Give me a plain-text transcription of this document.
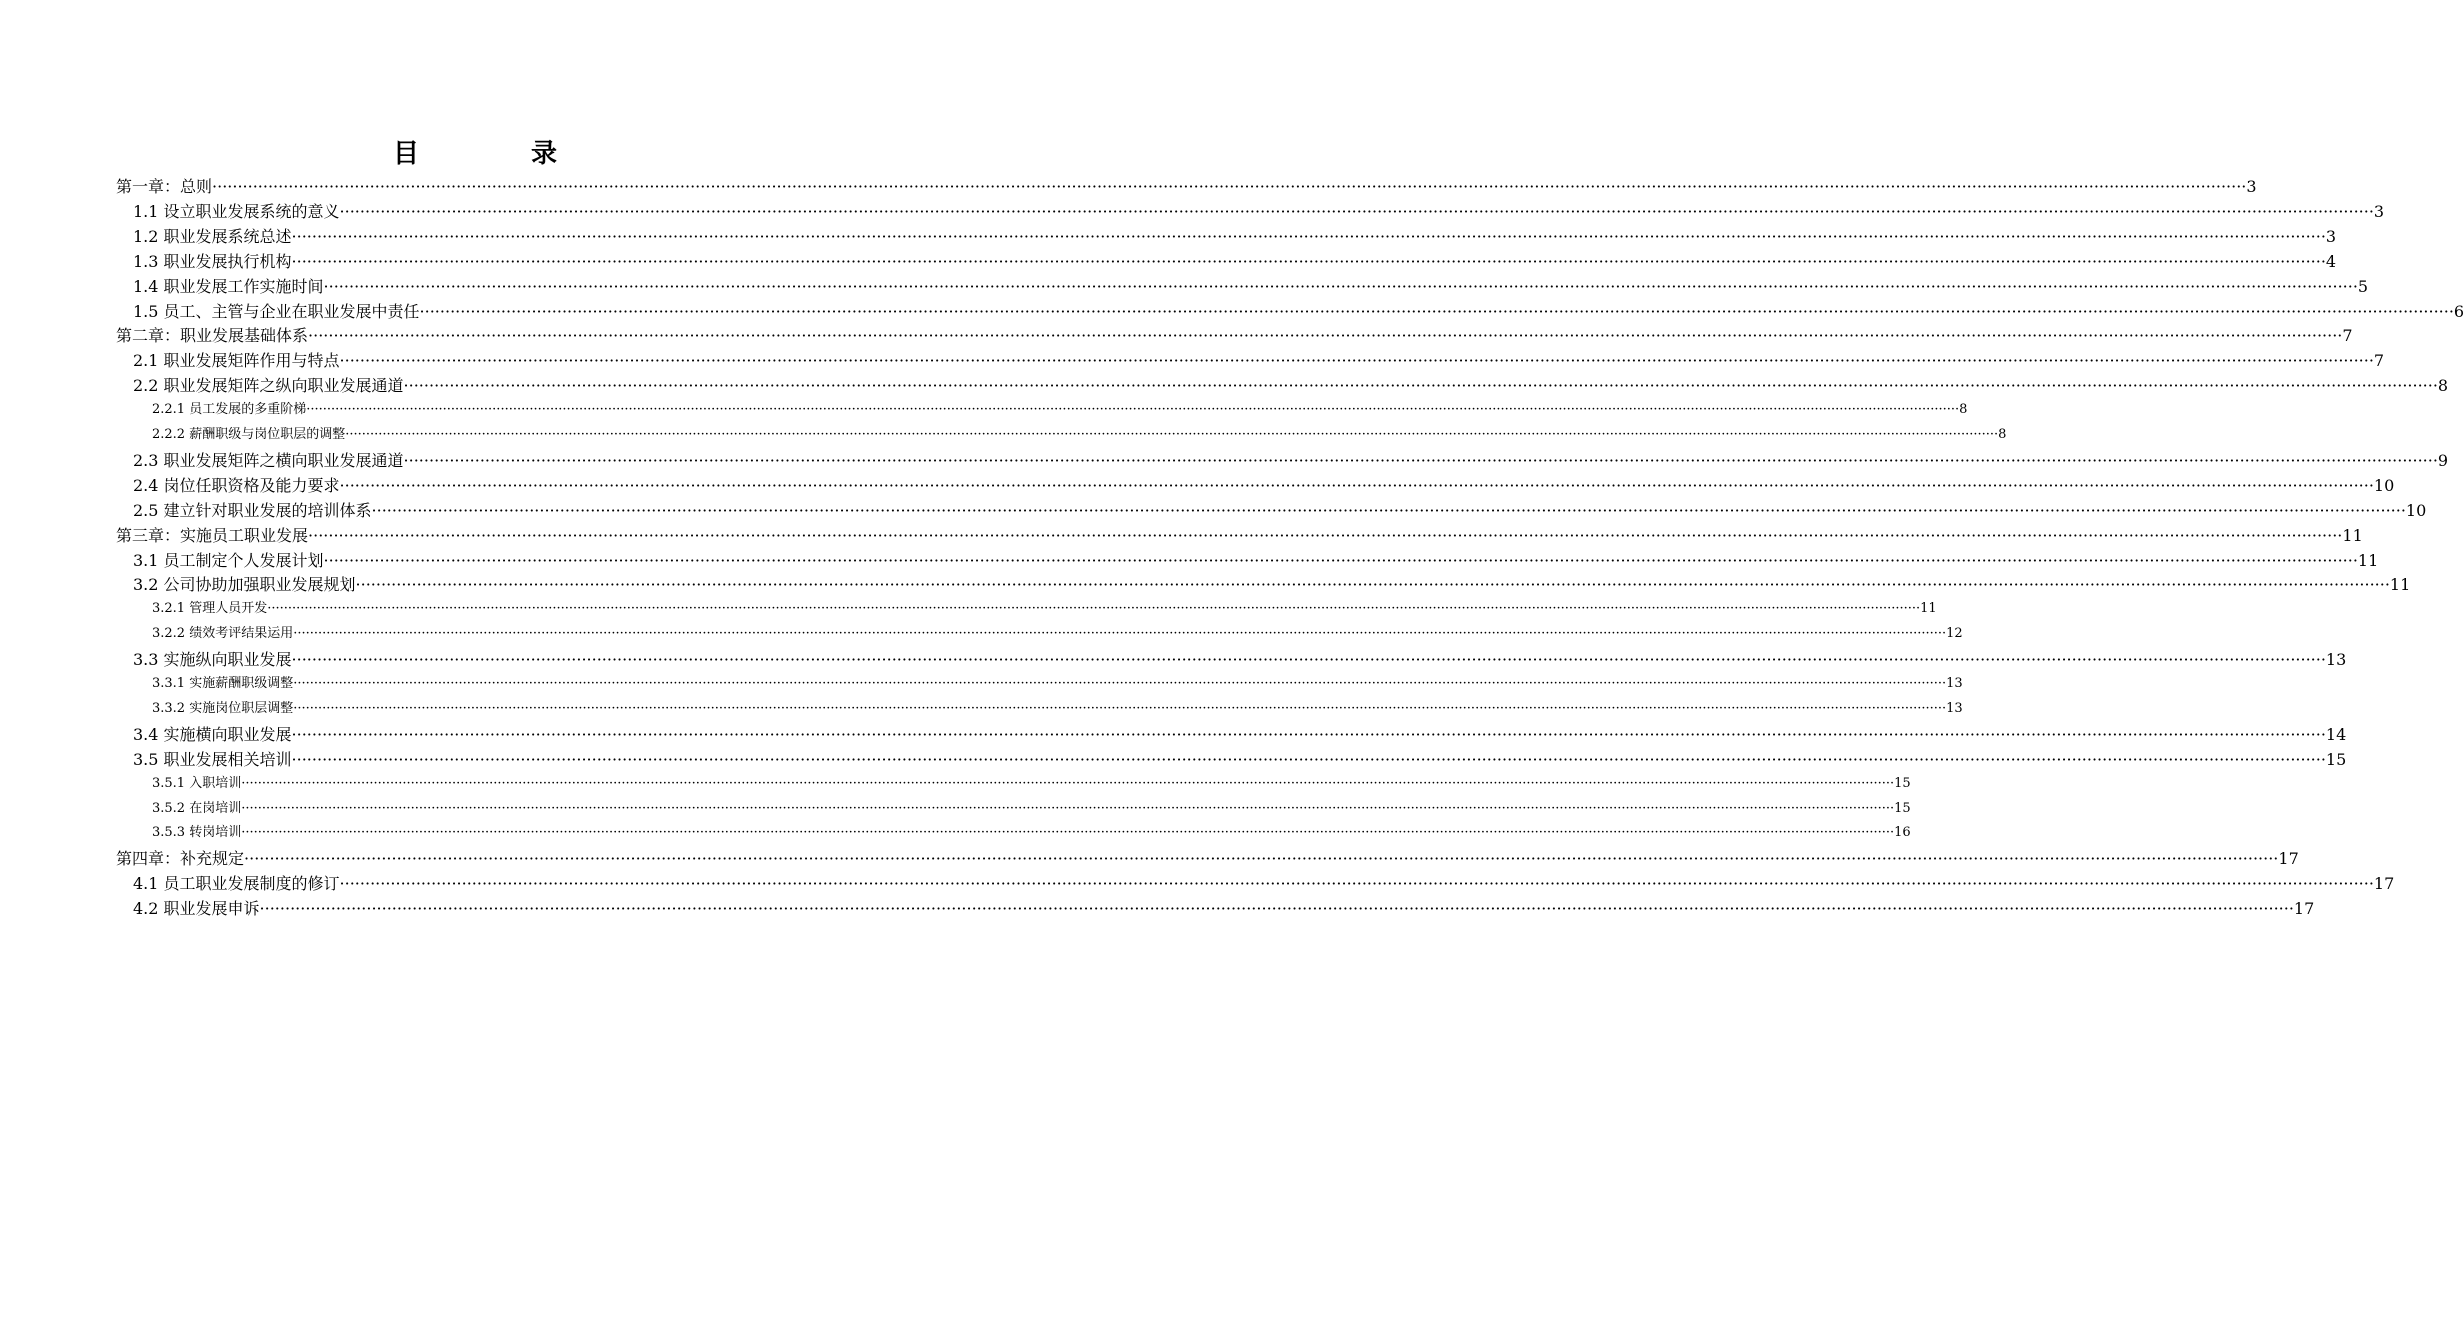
目	录
第一章：总则 ················································································································································································································································································································································································································ 3
1.1 设立职业发展系统的意义 ················································································································································································································································································································································································································ 3
1.2 职业发展系统总述 ················································································································································································································································································································································································································ 3
1.3 职业发展执行机构 ················································································································································································································································································································································································································ 4
1.4 职业发展工作实施时间 ················································································································································································································································································································································································································ 5
1.5 员工、主管与企业在职业发展中责任 ················································································································································································································································································································································································································ 6
第二章：职业发展基础体系 ················································································································································································································································································································································································································ 7
2.1 职业发展矩阵作用与特点 ················································································································································································································································································································································································································ 7
2.2 职业发展矩阵之纵向职业发展通道 ················································································································································································································································································································································································································ 8
2.2.1 员工发展的多重阶梯 ················································································································································································································································································································································································································ 8
2.2.2 薪酬职级与岗位职层的调整 ················································································································································································································································································································································································································ 8
2.3 职业发展矩阵之横向职业发展通道 ················································································································································································································································································································································································································ 9
2.4 岗位任职资格及能力要求 ················································································································································································································································································································································································································ 10
2.5 建立针对职业发展的培训体系 ················································································································································································································································································································································································································ 10
第三章：实施员工职业发展 ················································································································································································································································································································································································································ 11
3.1 员工制定个人发展计划 ················································································································································································································································································································································································································ 11
3.2 公司协助加强职业发展规划 ················································································································································································································································································································································································································ 11
3.2.1 管理人员开发 ················································································································································································································································································································································································································ 11
3.2.2 绩效考评结果运用 ················································································································································································································································································································································································································ 12
3.3 实施纵向职业发展 ················································································································································································································································································································································································································ 13
3.3.1 实施薪酬职级调整 ················································································································································································································································································································································································································ 13
3.3.2 实施岗位职层调整 ················································································································································································································································································································································································································ 13
3.4 实施横向职业发展 ················································································································································································································································································································································································································ 14
3.5 职业发展相关培训 ················································································································································································································································································································································································································ 15
3.5.1 入职培训 ················································································································································································································································································································································································································ 15
3.5.2 在岗培训 ················································································································································································································································································································································································································ 15
3.5.3 转岗培训 ················································································································································································································································································································································································································ 16
第四章：补充规定 ················································································································································································································································································································································································································ 17
4.1 员工职业发展制度的修订 ················································································································································································································································································································································································································ 17
4.2 职业发展申诉 ················································································································································································································································································································································································································ 17
